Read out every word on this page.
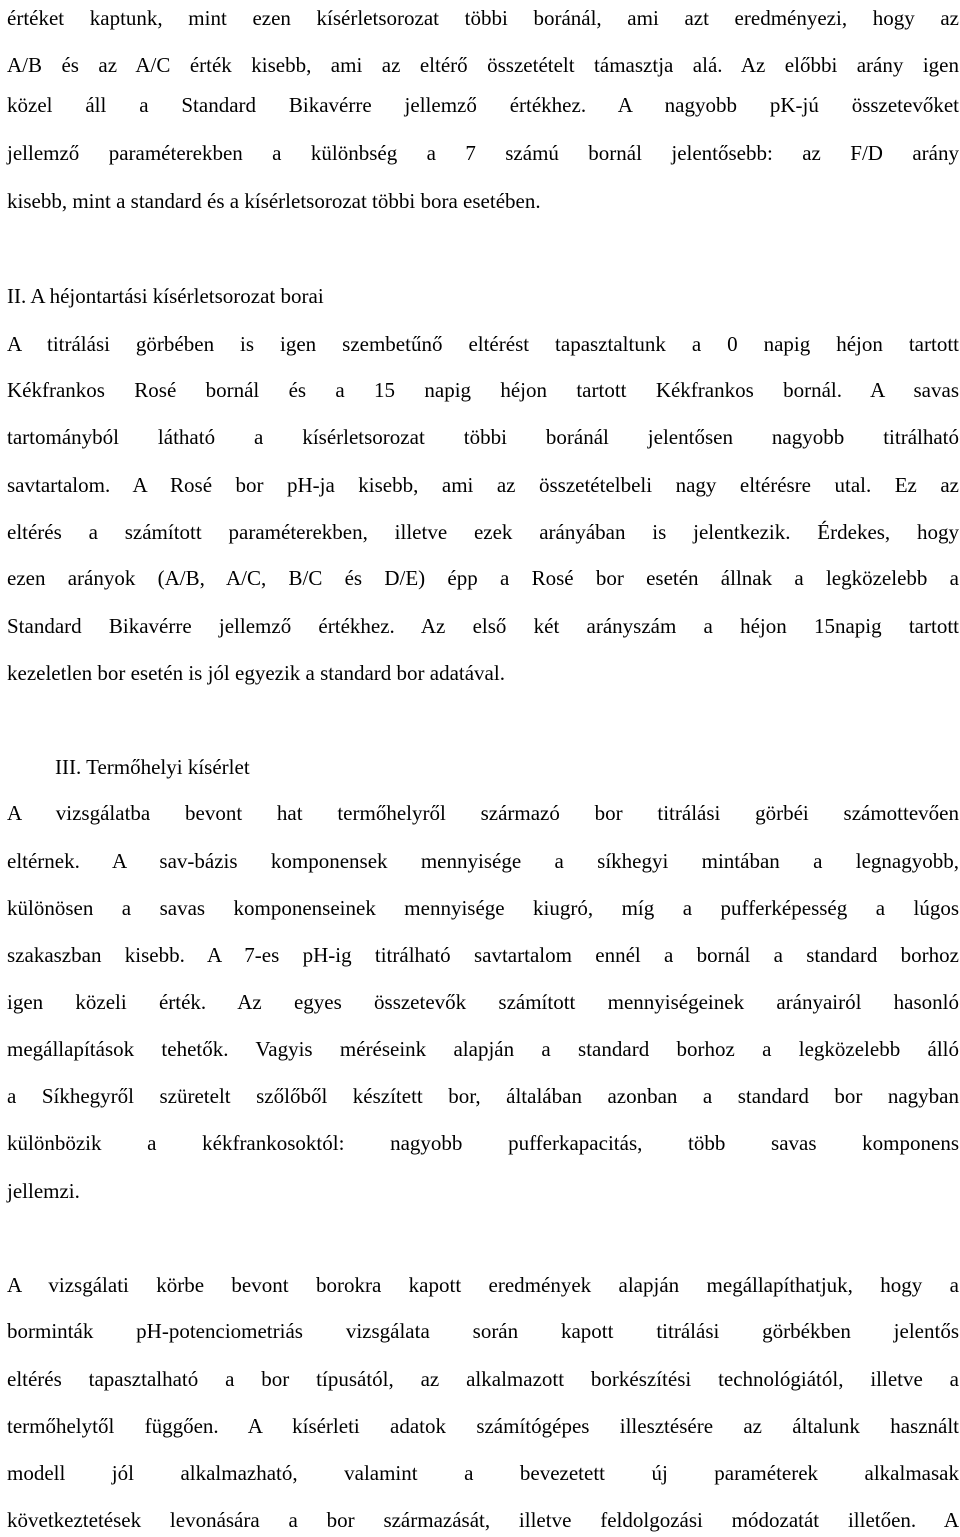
értéket kaptunk, mint ezen kísérletsorozat többi boránál, ami azt eredményezi, hogy az
A/B és az A/C érték kisebb, ami az eltérő összetételt támasztja alá. Az előbbi arány igen
közel áll a Standard Bikavérre jellemző értékhez. A nagyobb pK-jú összetevőket
jellemző paraméterekben a különbség a 7 számú bornál jelentősebb: az F/D arány
kisebb, mint a standard és a kísérletsorozat többi bora esetében.
II. A héjontartási kísérletsorozat borai
A titrálási görbében is igen szembetűnő eltérést tapasztaltunk a 0 napig héjon tartott
Kékfrankos Rosé bornál és a 15 napig héjon tartott Kékfrankos bornál. A savas
tartományból látható a kísérletsorozat többi boránál jelentősen nagyobb titrálható
savtartalom. A Rosé bor pH-ja kisebb, ami az összetételbeli nagy eltérésre utal. Ez az
eltérés a számított paraméterekben, illetve ezek arányában is jelentkezik. Érdekes, hogy
ezen arányok (A/B, A/C, B/C és D/E) épp a Rosé bor esetén állnak a legközelebb a
Standard Bikavérre jellemző értékhez. Az első két arányszám a héjon 15napig tartott
kezeletlen bor esetén is jól egyezik a standard bor adatával.
III. Termőhelyi kísérlet
A vizsgálatba bevont hat termőhelyről származó bor titrálási görbéi számottevően
eltérnek. A sav-bázis komponensek mennyisége a síkhegyi mintában a legnagyobb,
különösen a savas komponenseinek mennyisége kiugró, míg a pufferképesség a lúgos
szakaszban kisebb. A 7-es pH-ig titrálható savtartalom ennél a bornál a standard borhoz
igen közeli érték. Az egyes összetevők számított mennyiségeinek arányairól hasonló
megállapítások tehetők. Vagyis méréseink alapján a standard borhoz a legközelebb álló
a Síkhegyről szüretelt szőlőből készített bor, általában azonban a standard bor nagyban
különbözik a kékfrankosoktól: nagyobb pufferkapacitás, több savas komponens
jellemzi.
A vizsgálati körbe bevont borokra kapott eredmények alapján megállapíthatjuk, hogy a
borminták pH-potenciometriás vizsgálata során kapott titrálási görbékben jelentős
eltérés tapasztalható a bor típusától, az alkalmazott borkészítési technológiától, illetve a
termőhelytől függően. A kísérleti adatok számítógépes illesztésére az általunk használt
modell jól alkalmazható, valamint a bevezetett új paraméterek alkalmasak
következtetések levonására a bor származását, illetve feldolgozási módozatát illetően. A
